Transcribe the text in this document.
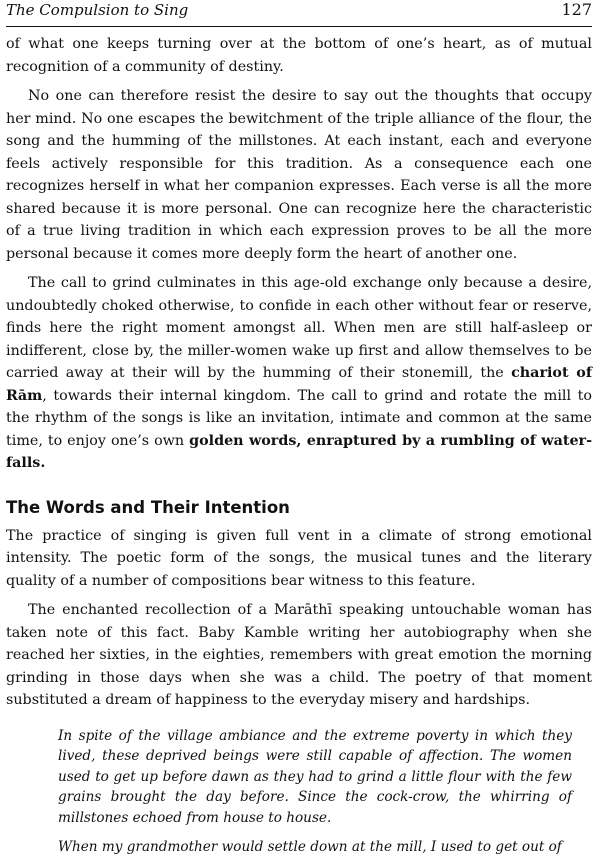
The Compulsion to Sing	127

of what one keeps turning over at the bottom of one’s heart, as of mutual recognition of a community of destiny.

No one can therefore resist the desire to say out the thoughts that occupy her mind. No one escapes the bewitchment of the triple alliance of the flour, the song and the humming of the millstones. At each instant, each and everyone feels actively responsible for this tradition. As a consequence each one recognizes herself in what her companion expresses. Each verse is all the more shared because it is more personal. One can recognize here the characteristic of a true living tradition in which each expression proves to be all the more personal because it comes more deeply form the heart of another one.

The call to grind culminates in this age-old exchange only because a desire, undoubtedly choked otherwise, to confide in each other without fear or reserve, finds here the right moment amongst all. When men are still half-asleep or indifferent, close by, the miller-women wake up first and allow themselves to be carried away at their will by the humming of their stonemill, the chariot of Rām, towards their internal kingdom. The call to grind and rotate the mill to the rhythm of the songs is like an invitation, intimate and common at the same time, to enjoy one’s own golden words, enraptured by a rumbling of water-falls.

The Words and Their Intention

The practice of singing is given full vent in a climate of strong emotional intensity. The poetic form of the songs, the musical tunes and the literary quality of a number of compositions bear witness to this feature.

The enchanted recollection of a Marāthī speaking untouchable woman has taken note of this fact. Baby Kamble writing her autobiography when she reached her sixties, in the eighties, remembers with great emotion the morning grinding in those days when she was a child. The poetry of that moment substituted a dream of happiness to the everyday misery and hardships.

In spite of the village ambiance and the extreme poverty in which they lived, these deprived beings were still capable of affection. The women used to get up before dawn as they had to grind a little flour with the few grains brought the day before. Since the cock-crow, the whirring of millstones echoed from house to house.

When my grandmother would settle down at the mill, I used to get out of
